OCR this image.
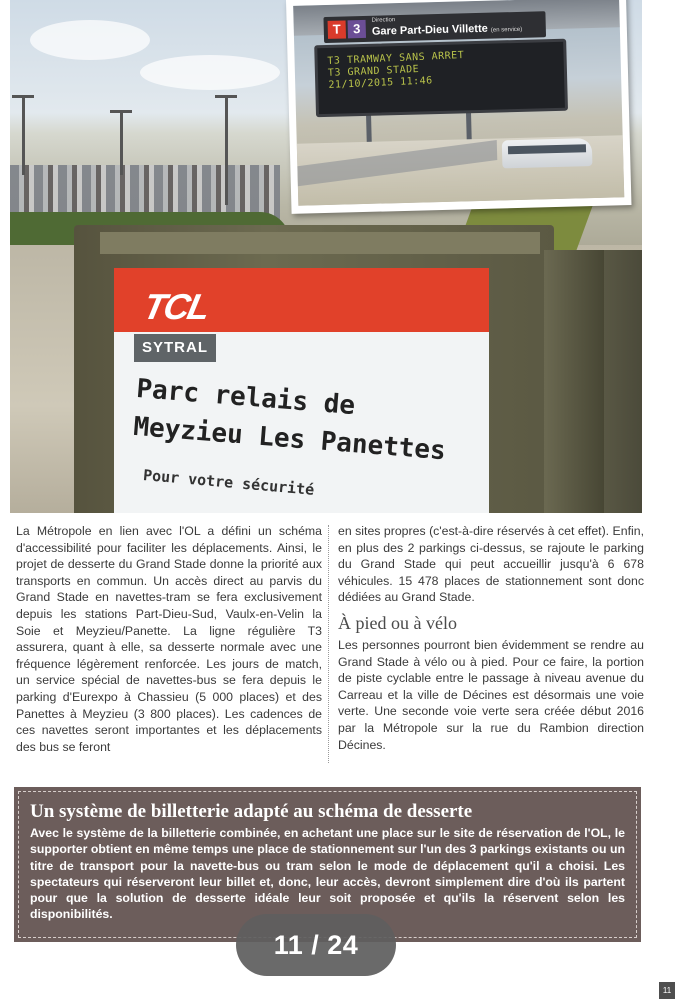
TCL
SYTRAL
Parc relais de
Meyzieu Les Panettes
Pour votre sécurité
T 3
Direction
Gare Part-Dieu Villette (en service)
T3 TRAMWAY SANS ARRET
T3 GRAND STADE
21/10/2015 11:46

La Métropole en lien avec l'OL a défini un schéma d'accessibilité pour faciliter les déplacements. Ainsi, le projet de desserte du Grand Stade donne la priorité aux transports en commun. Un accès direct au parvis du Grand Stade en navettes-tram se fera exclusivement depuis les stations Part-Dieu-Sud, Vaulx-en-Velin la Soie et Meyzieu/Panette. La ligne régulière T3 assurera, quant à elle, sa desserte normale avec une fréquence légèrement renforcée. Les jours de match, un service spécial de navettes-bus se fera depuis le parking d'Eurexpo à Chassieu (5 000 places) et des Panettes à Meyzieu (3 800 places). Les cadences de ces navettes seront importantes et les déplacements des bus se feront

en sites propres (c'est-à-dire réservés à cet effet). Enfin, en plus des 2 parkings ci-dessus, se rajoute le parking du Grand Stade qui peut accueillir jusqu'à 6 678 véhicules. 15 478 places de stationnement sont donc dédiées au Grand Stade.

À pied ou à vélo

Les personnes pourront bien évidemment se rendre au Grand Stade à vélo ou à pied. Pour ce faire, la portion de piste cyclable entre le passage à niveau avenue du Carreau et la ville de Décines est désormais une voie verte. Une seconde voie verte sera créée début 2016 par la Métropole sur la rue du Rambion direction Décines.

Un système de billetterie adapté au schéma de desserte

Avec le système de la billetterie combinée, en achetant une place sur le site de réservation de l'OL, le supporter obtient en même temps une place de stationnement sur l'un des 3 parkings existants ou un titre de transport pour la navette-bus ou tram selon le mode de déplacement qu'il a choisi. Les spectateurs qui réserveront leur billet et, donc, leur accès, devront simplement dire d'où ils partent pour que la solution de desserte idéale leur soit proposée et qu'ils la réservent selon les disponibilités.

11 / 24
11
